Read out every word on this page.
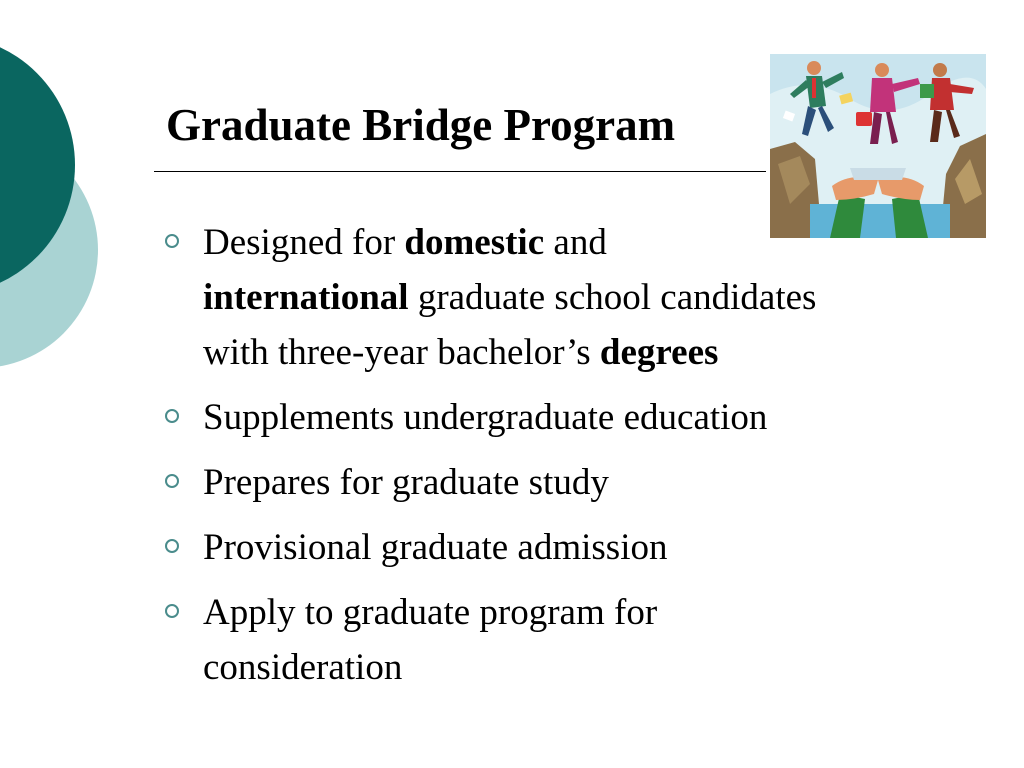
Graduate Bridge Program
Designed for domestic and
international graduate school candidates
with three-year bachelor’s degrees
Supplements undergraduate education
Prepares for graduate study
Provisional graduate admission
Apply to graduate program for
consideration
